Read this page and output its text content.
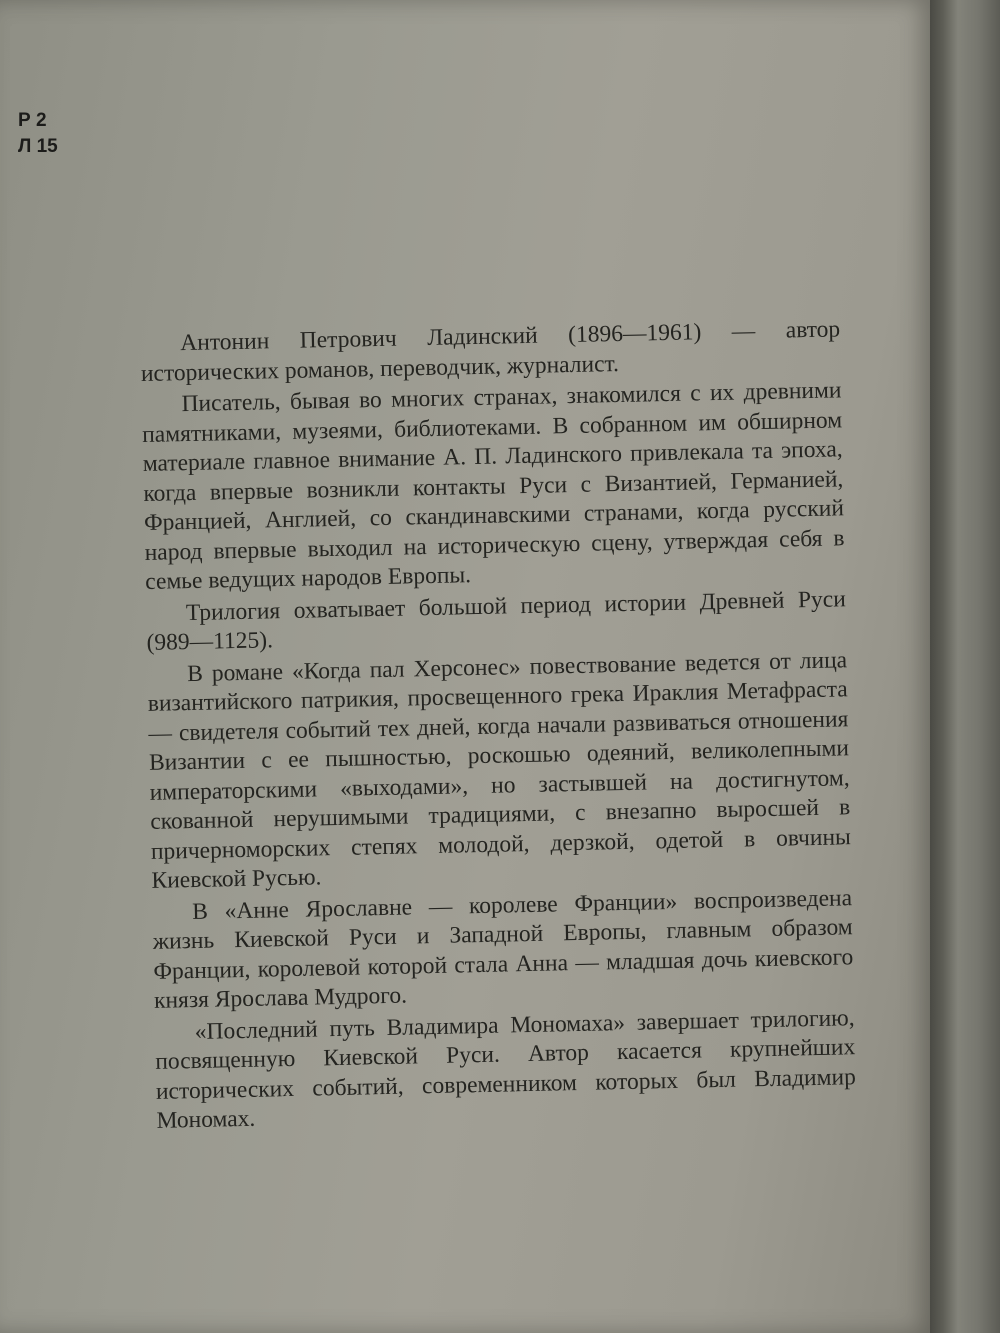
Р 2
Л 15

Антонин Петрович Ладинский (1896—1961) — автор исторических романов, переводчик, журналист.

Писатель, бывая во многих странах, знакомился с их древними памятниками, музеями, библиотеками. В собранном им обширном материале главное внимание А. П. Ладинского привлекала та эпоха, когда впервые возникли контакты Руси с Византией, Германией, Францией, Англией, со скандинавскими странами, когда русский народ впервые выходил на историческую сцену, утверждая себя в семье ведущих народов Европы.

Трилогия охватывает большой период истории Древней Руси (989—1125).

В романе «Когда пал Херсонес» повествование ведется от лица византийского патрикия, просвещенного грека Ираклия Метафраста — свидетеля событий тех дней, когда начали развиваться отношения Византии с ее пышностью, роскошью одеяний, великолепными императорскими «выходами», но застывшей на достигнутом, скованной нерушимыми традициями, с внезапно выросшей в причерноморских степях молодой, дерзкой, одетой в овчины Киевской Русью.

В «Анне Ярославне — королеве Франции» воспроизведена жизнь Киевской Руси и Западной Европы, главным образом Франции, королевой которой стала Анна — младшая дочь киевского князя Ярослава Мудрого.

«Последний путь Владимира Мономаха» завершает трилогию, посвященную Киевской Руси. Автор касается крупнейших исторических событий, современником которых был Владимир Мономах.
